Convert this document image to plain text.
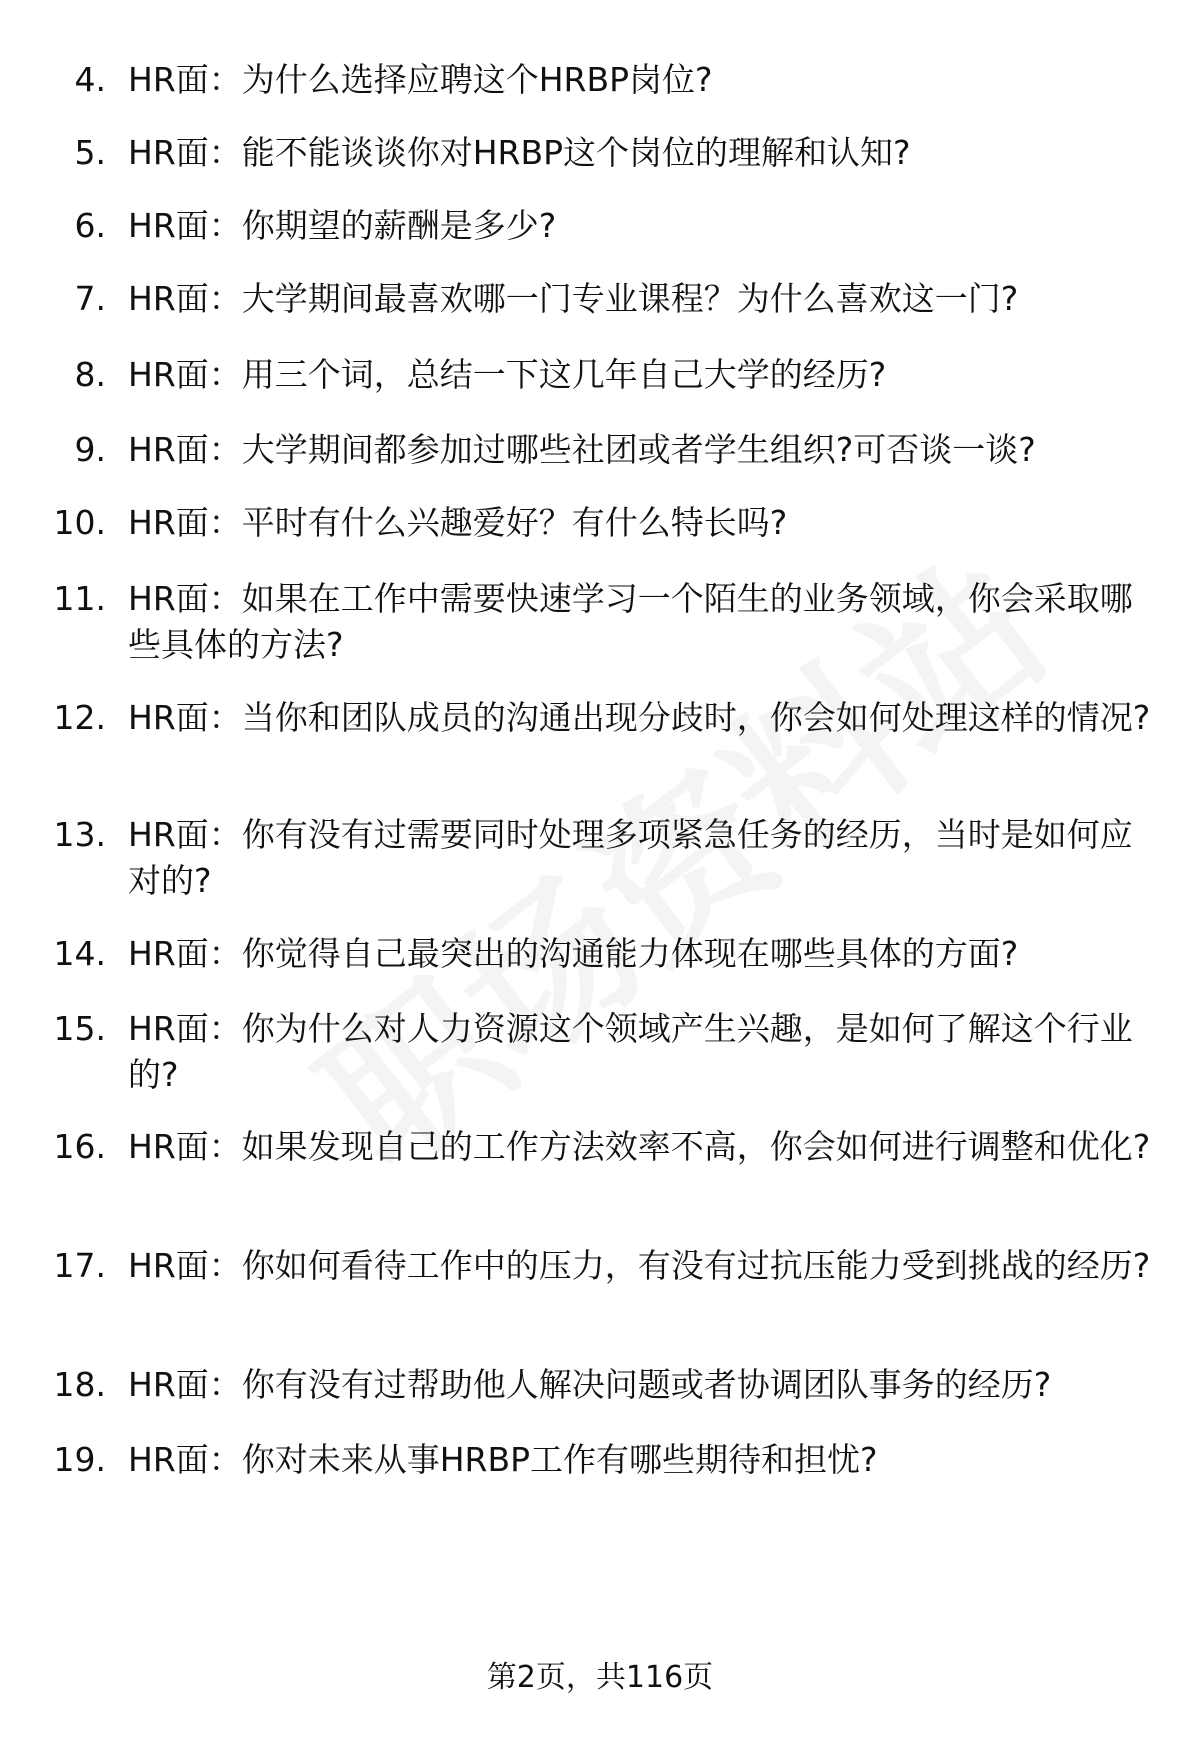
4. HR面：为什么选择应聘这个HRBP岗位?
5. HR面：能不能谈谈你对HRBP这个岗位的理解和认知?
6. HR面：你期望的薪酬是多少?
7. HR面：大学期间最喜欢哪一门专业课程？为什么喜欢这一门?
8. HR面：用三个词，总结一下这几年自己大学的经历?
9. HR面：大学期间都参加过哪些社团或者学生组织?可否谈一谈?
10. HR面：平时有什么兴趣爱好？有什么特长吗?
11. HR面：如果在工作中需要快速学习一个陌生的业务领域，你会采取哪些具体的方法?
12. HR面：当你和团队成员的沟通出现分歧时，你会如何处理这样的情况?
13. HR面：你有没有过需要同时处理多项紧急任务的经历，当时是如何应对的?
14. HR面：你觉得自己最突出的沟通能力体现在哪些具体的方面?
15. HR面：你为什么对人力资源这个领域产生兴趣，是如何了解这个行业的?
16. HR面：如果发现自己的工作方法效率不高，你会如何进行调整和优化?
17. HR面：你如何看待工作中的压力，有没有过抗压能力受到挑战的经历?
18. HR面：你有没有过帮助他人解决问题或者协调团队事务的经历?
19. HR面：你对未来从事HRBP工作有哪些期待和担忧?
第2页，共116页
